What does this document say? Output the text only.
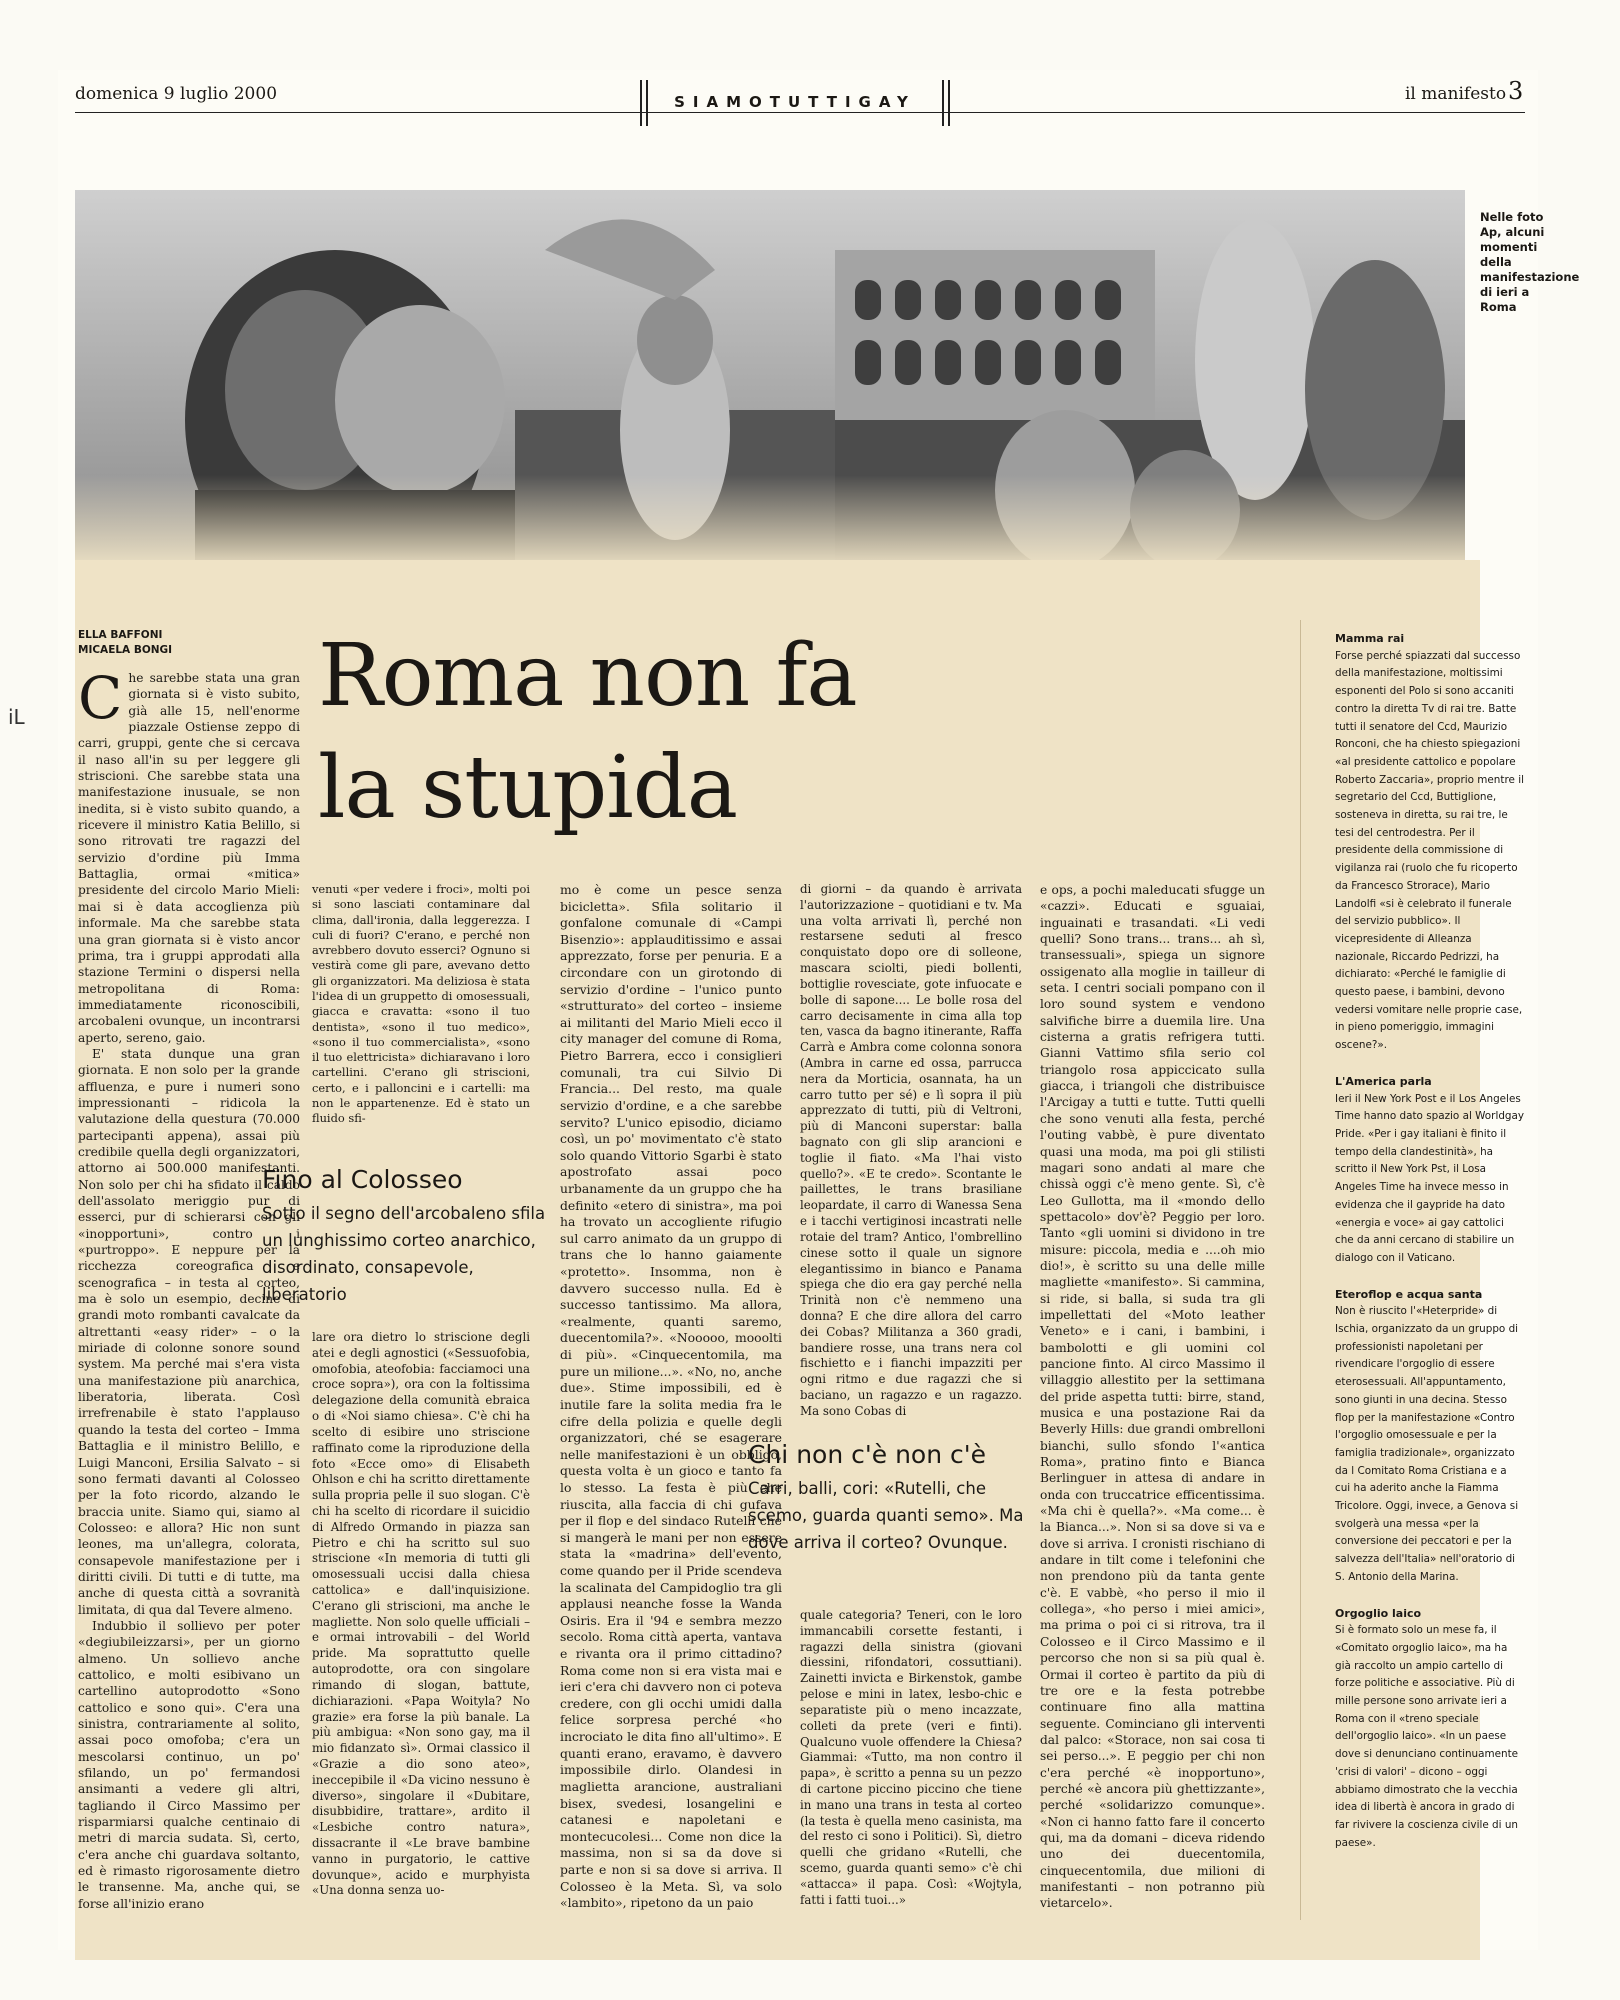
domenica 9 luglio 2000	SIAMOTUTTIGAY	il manifesto 3
Nelle foto Ap, alcuni momenti della manifestazione di ieri a Roma
iL
ELLA BAFFONI
MICAELA BONGI Roma non fa
la stupida

Che sarebbe stata una gran giornata si è visto subito, già alle 15, nell'enorme piazzale Ostiense zeppo di carri, gruppi, gente che si cercava il naso all'in su per leggere gli striscioni. Che sarebbe stata una manifestazione inusuale, se non inedita, si è visto subito quando, a ricevere il ministro Katia Belillo, si sono ritrovati tre ragazzi del servizio d'ordine più Imma Battaglia, ormai «mitica» presidente del circolo Mario Mieli: mai si è data accoglienza più informale. Ma che sarebbe stata una gran giornata si è visto ancor prima, tra i gruppi approdati alla stazione Termini o dispersi nella metropolitana di Roma: immediatamente riconoscibili, arcobaleni ovunque, un incontrarsi aperto, sereno, gaio.

E' stata dunque una gran giornata. E non solo per la grande affluenza, e pure i numeri sono impressionanti – ridicola la valutazione della questura (70.000 partecipanti appena), assai più credibile quella degli organizzatori, attorno ai 500.000 manifestanti. Non solo per chi ha sfidato il caldo dell'assolato meriggio pur di esserci, pur di schierarsi con gli «inopportuni», contro i «purtroppo». E neppure per la ricchezza coreografica e scenografica – in testa al corteo, ma è solo un esempio, decine di grandi moto rombanti cavalcate da altrettanti «easy rider» – o la miriade di colonne sonore sound system. Ma perché mai s'era vista una manifestazione più anarchica, liberatoria, liberata. Così irrefrenabile è stato l'applauso quando la testa del corteo – Imma Battaglia e il ministro Belillo, e Luigi Manconi, Ersilia Salvato – si sono fermati davanti al Colosseo per la foto ricordo, alzando le braccia unite. Siamo qui, siamo al Colosseo: e allora? Hic non sunt leones, ma un'allegra, colorata, consapevole manifestazione per i diritti civili. Di tutti e di tutte, ma anche di questa città a sovranità limitata, di qua dal Tevere almeno.

Indubbio il sollievo per poter «degiubileizzarsi», per un giorno almeno. Un sollievo anche cattolico, e molti esibivano un cartellino autoprodotto «Sono cattolico e sono qui». C'era una sinistra, contrariamente al solito, assai poco omofoba; c'era un mescolarsi continuo, un po' sfilando, un po' fermandosi ansimanti a vedere gli altri, tagliando il Circo Massimo per risparmiarsi qualche centinaio di metri di marcia sudata. Sì, certo, c'era anche chi guardava soltanto, ed è rimasto rigorosamente dietro le transenne. Ma, anche qui, se forse all'inizio erano

venuti «per vedere i froci», molti poi si sono lasciati contaminare dal clima, dall'ironia, dalla leggerezza. I culi di fuori? C'erano, e perché non avrebbero dovuto esserci? Ognuno si vestirà come gli pare, avevano detto gli organizzatori. Ma deliziosa è stata l'idea di un gruppetto di omosessuali, giacca e cravatta: «sono il tuo dentista», «sono il tuo medico», «sono il tuo commercialista», «sono il tuo elettricista» dichiaravano i loro cartellini. C'erano gli striscioni, certo, e i palloncini e i cartelli: ma non le appartenenze. Ed è stato un fluido sfi-

Fino al Colosseo
Sotto il segno dell'arcobaleno sfila un lunghissimo corteo anarchico, disordinato, consapevole, liberatorio

lare ora dietro lo striscione degli atei e degli agnostici («Sessuofobia, omofobia, ateofobia: facciamoci una croce sopra»), ora con la foltissima delegazione della comunità ebraica o di «Noi siamo chiesa». C'è chi ha scelto di esibire uno striscione raffinato come la riproduzione della foto «Ecce omo» di Elisabeth Ohlson e chi ha scritto direttamente sulla propria pelle il suo slogan. C'è chi ha scelto di ricordare il suicidio di Alfredo Ormando in piazza san Pietro e chi ha scritto sul suo striscione «In memoria di tutti gli omosessuali uccisi dalla chiesa cattolica» e dall'inquisizione. C'erano gli striscioni, ma anche le magliette. Non solo quelle ufficiali – e ormai introvabili – del World pride. Ma soprattutto quelle autoprodotte, ora con singolare rimando di slogan, battute, dichiarazioni. «Papa Woityla? No grazie» era forse la più banale. La più ambigua: «Non sono gay, ma il mio fidanzato sì». Ormai classico il «Grazie a dio sono ateo», ineccepibile il «Da vicino nessuno è diverso», singolare il «Dubitare, disubbidire, trattare», ardito il «Lesbiche contro natura», dissacrante il «Le brave bambine vanno in purgatorio, le cattive dovunque», acido e murphyista «Una donna senza uo-

mo è come un pesce senza bicicletta». Sfila solitario il gonfalone comunale di «Campi Bisenzio»: applauditissimo e assai apprezzato, forse per penuria. E a circondare con un girotondo di servizio d'ordine – l'unico punto «strutturato» del corteo – insieme ai militanti del Mario Mieli ecco il city manager del comune di Roma, Pietro Barrera, ecco i consiglieri comunali, tra cui Silvio Di Francia... Del resto, ma quale servizio d'ordine, e a che sarebbe servito? L'unico episodio, diciamo così, un po' movimentato c'è stato solo quando Vittorio Sgarbi è stato apostrofato assai poco urbanamente da un gruppo che ha definito «etero di sinistra», ma poi ha trovato un accogliente rifugio sul carro animato da un gruppo di trans che lo hanno gaiamente «protetto». Insomma, non è davvero successo nulla. Ed è successo tantissimo. Ma allora, «realmente, quanti saremo, duecentomila?». «Nooooo, mooolti di più». «Cinquecentomila, ma pure un milione...». «No, no, anche due». Stime impossibili, ed è inutile fare la solita media fra le cifre della polizia e quelle degli organizzatori, ché se esagerare nelle manifestazioni è un obbligo, questa volta è un gioco e tanto fa lo stesso. La festa è più che riuscita, alla faccia di chi gufava per il flop e del sindaco Rutelli che si mangerà le mani per non essere stata la «madrina» dell'evento, come quando per il Pride scendeva la scalinata del Campidoglio tra gli applausi neanche fosse la Wanda Osiris. Era il '94 e sembra mezzo secolo. Roma città aperta, vantava e rivanta ora il primo cittadino? Roma come non si era vista mai e ieri c'era chi davvero non ci poteva credere, con gli occhi umidi dalla felice sorpresa perché «ho incrociato le dita fino all'ultimo». E quanti erano, eravamo, è davvero impossibile dirlo. Olandesi in maglietta arancione, australiani bisex, svedesi, losangelini e catanesi e napoletani e montecucolesi... Come non dice la massima, non si sa da dove si parte e non si sa dove si arriva. Il Colosseo è la Meta. Sì, va solo «lambito», ripetono da un paio

di giorni – da quando è arrivata l'autorizzazione – quotidiani e tv. Ma una volta arrivati lì, perché non restarsene seduti al fresco conquistato dopo ore di solleone, mascara sciolti, piedi bollenti, bottiglie rovesciate, gote infuocate e bolle di sapone.... Le bolle rosa del carro decisamente in cima alla top ten, vasca da bagno itinerante, Raffa Carrà e Ambra come colonna sonora (Ambra in carne ed ossa, parrucca nera da Morticia, osannata, ha un carro tutto per sé) e lì sopra il più apprezzato di tutti, più di Veltroni, più di Manconi superstar: balla bagnato con gli slip arancioni e toglie il fiato. «Ma l'hai visto quello?». «E te credo». Scontante le paillettes, le trans brasiliane leopardate, il carro di Wanessa Sena e i tacchi vertiginosi incastrati nelle rotaie del tram? Antico, l'ombrellino cinese sotto il quale un signore elegantissimo in bianco e Panama spiega che dio era gay perché nella Trinità non c'è nemmeno una donna? E che dire allora del carro dei Cobas? Militanza a 360 gradi, bandiere rosse, una trans nera col fischietto e i fianchi impazziti per ogni ritmo e due ragazzi che si baciano, un ragazzo e un ragazzo. Ma sono Cobas di

Chi non c'è non c'è
Carri, balli, cori: «Rutelli, che scemo, guarda quanti semo». Ma dove arriva il corteo? Ovunque.

quale categoria? Teneri, con le loro immancabili corsette festanti, i ragazzi della sinistra (giovani diessini, rifondatori, cossuttiani). Zainetti invicta e Birkenstok, gambe pelose e mini in latex, lesbo-chic e separatiste più o meno incazzate, colleti da prete (veri e finti). Qualcuno vuole offendere la Chiesa? Giammai: «Tutto, ma non contro il papa», è scritto a penna su un pezzo di cartone piccino piccino che tiene in mano una trans in testa al corteo (la testa è quella meno casinista, ma del resto ci sono i Politici). Sì, dietro quelli che gridano «Rutelli, che scemo, guarda quanti semo» c'è chi «attacca» il papa. Così: «Wojtyla, fatti i fatti tuoi...»

e ops, a pochi maleducati sfugge un «cazzi». Educati e sguaiai, inguainati e trasandati. «Li vedi quelli? Sono trans... trans... ah sì, transessuali», spiega un signore ossigenato alla moglie in tailleur di seta. I centri sociali pompano con il loro sound system e vendono salvifiche birre a duemila lire. Una cisterna a gratis refrigera tutti. Gianni Vattimo sfila serio col triangolo rosa appiccicato sulla giacca, i triangoli che distribuisce l'Arcigay a tutti e tutte. Tutti quelli che sono venuti alla festa, perché l'outing vabbè, è pure diventato quasi una moda, ma poi gli stilisti magari sono andati al mare che chissà oggi c'è meno gente. Sì, c'è Leo Gullotta, ma il «mondo dello spettacolo» dov'è? Peggio per loro. Tanto «gli uomini si dividono in tre misure: piccola, media e ....oh mio dio!», è scritto su una delle mille magliette «manifesto». Si cammina, si ride, si balla, si suda tra gli impellettati del «Moto leather Veneto» e i cani, i bambini, i bambolotti e gli uomini col pancione finto. Al circo Massimo il villaggio allestito per la settimana del pride aspetta tutti: birre, stand, musica e una postazione Rai da Beverly Hills: due grandi ombrelloni bianchi, sullo sfondo l'«antica Roma», pratino finto e Bianca Berlinguer in attesa di andare in onda con truccatrice efficentissima. «Ma chi è quella?». «Ma come... è la Bianca...». Non si sa dove si va e dove si arriva. I cronisti rischiano di andare in tilt come i telefonini che non prendono più da tanta gente c'è. E vabbè, «ho perso il mio il collega», «ho perso i miei amici», ma prima o poi ci si ritrova, tra il Colosseo e il Circo Massimo e il percorso che non si sa più qual è. Ormai il corteo è partito da più di tre ore e la festa potrebbe continuare fino alla mattina seguente. Cominciano gli interventi dal palco: «Storace, non sai cosa ti sei perso...». E peggio per chi non c'era perché «è inopportuno», perché «è ancora più ghettizzante», perché «solidarizzo comunque». «Non ci hanno fatto fare il concerto qui, ma da domani – diceva ridendo uno dei duecentomila, cinquecentomila, due milioni di manifestanti – non potranno più vietarcelo».

Mamma rai

Forse perché spiazzati dal successo della manifestazione, moltissimi esponenti del Polo si sono accaniti contro la diretta Tv di rai tre. Batte tutti il senatore del Ccd, Maurizio Ronconi, che ha chiesto spiegazioni «al presidente cattolico e popolare Roberto Zaccaria», proprio mentre il segretario del Ccd, Buttiglione, sosteneva in diretta, su rai tre, le tesi del centrodestra. Per il presidente della commissione di vigilanza rai (ruolo che fu ricoperto da Francesco Strorace), Mario Landolfi «si è celebrato il funerale del servizio pubblico». Il vicepresidente di Alleanza nazionale, Riccardo Pedrizzi, ha dichiarato: «Perché le famiglie di questo paese, i bambini, devono vedersi vomitare nelle proprie case, in pieno pomeriggio, immagini oscene?».

L'America parla

Ieri il New York Post e il Los Angeles Time hanno dato spazio al Worldgay Pride. «Per i gay italiani è finito il tempo della clandestinità», ha scritto il New York Pst, il Losa Angeles Time ha invece messo in evidenza che il gaypride ha dato «energia e voce» ai gay cattolici che da anni cercano di stabilire un dialogo con il Vaticano.

Eteroflop e acqua santa

Non è riuscito l'«Heterpride» di Ischia, organizzato da un gruppo di professionisti napoletani per rivendicare l'orgoglio di essere eterosessuali. All'appuntamento, sono giunti in una decina. Stesso flop per la manifestazione «Contro l'orgoglio omosessuale e per la famiglia tradizionale», organizzato da l Comitato Roma Cristiana e a cui ha aderito anche la Fiamma Tricolore. Oggi, invece, a Genova si svolgerà una messa «per la conversione dei peccatori e per la salvezza dell'Italia» nell'oratorio di S. Antonio della Marina.

Orgoglio laico

Si è formato solo un mese fa, il «Comitato orgoglio laico», ma ha già raccolto un ampio cartello di forze politiche e associative. Più di mille persone sono arrivate ieri a Roma con il «treno speciale dell'orgoglio laico». «In un paese dove si denunciano continuamente 'crisi di valori' – dicono – oggi abbiamo dimostrato che la vecchia idea di libertà è ancora in grado di far rivivere la coscienza civile di un paese».
